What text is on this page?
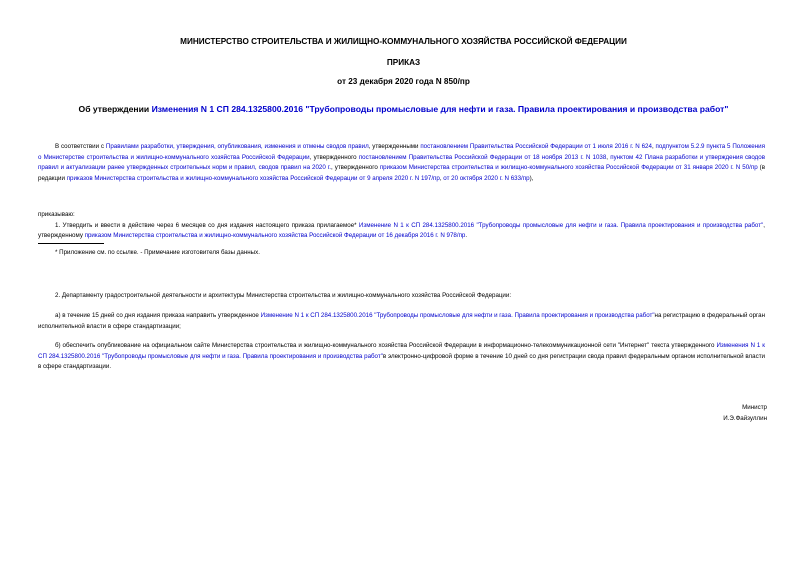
МИНИСТЕРСТВО СТРОИТЕЛЬСТВА И ЖИЛИЩНО-КОММУНАЛЬНОГО ХОЗЯЙСТВА РОССИЙСКОЙ ФЕДЕРАЦИИ
ПРИКАЗ
от 23 декабря 2020 года N 850/пр
Об утверждении Изменения N 1 СП 284.1325800.2016 "Трубопроводы промысловые для нефти и газа. Правила проектирования и производства работ"
В соответствии с Правилами разработки, утверждения, опубликования, изменения и отмены сводов правил, утвержденными постановлением Правительства Российской Федерации от 1 июля 2016 г. N 624, подпунктом 5.2.9 пункта 5 Положения о Министерстве строительства и жилищно-коммунального хозяйства Российской Федерации, утвержденного постановлением Правительства Российской Федерации от 18 ноября 2013 г. N 1038, пунктом 42 Плана разработки и утверждения сводов правил и актуализации ранее утвержденных строительных норм и правил, сводов правил на 2020 г., утвержденного приказом Министерства строительства и жилищно-коммунального хозяйства Российской Федерации от 31 января 2020 г. N 50/пр (в редакции приказов Министерства строительства и жилищно-коммунального хозяйства Российской Федерации от 9 апреля 2020 г. N 197/пр, от 20 октября 2020 г. N 633/пр),
приказываю:
1. Утвердить и ввести в действие через 6 месяцев со дня издания настоящего приказа прилагаемое* Изменение N 1 к СП 284.1325800.2016 "Трубопроводы промысловые для нефти и газа. Правила проектирования и производства работ", утвержденному приказом Министерства строительства и жилищно-коммунального хозяйства Российской Федерации от 16 декабря 2016 г. N 978/пр.
* Приложение см. по ссылке. - Примечание изготовителя базы данных.
2. Департаменту градостроительной деятельности и архитектуры Министерства строительства и жилищно-коммунального хозяйства Российской Федерации:
а) в течение 15 дней со дня издания приказа направить утвержденное Изменение N 1 к СП 284.1325800.2016 "Трубопроводы промысловые для нефти и газа. Правила проектирования и производства работ"на регистрацию в федеральный орган исполнительной власти в сфере стандартизации;
б) обеспечить опубликование на официальном сайте Министерства строительства и жилищно-коммунального хозяйства Российской Федерации в информационно-телекоммуникационной сети "Интернет" текста утвержденного Изменения N 1 к СП 284.1325800.2016 "Трубопроводы промысловые для нефти и газа. Правила проектирования и производства работ"в электронно-цифровой форме в течение 10 дней со дня регистрации свода правил федеральным органом исполнительной власти в сфере стандартизации.
Министр
И.Э.Файзуллин
